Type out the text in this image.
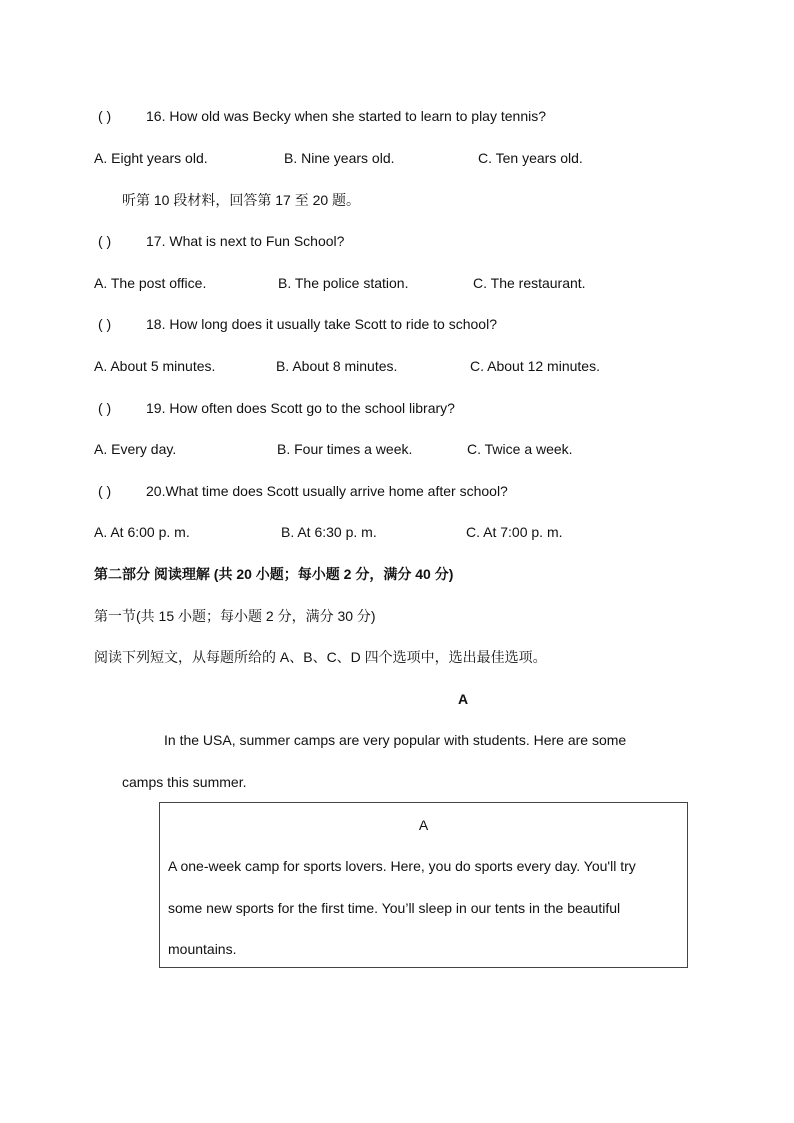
( ) 16. How old was Becky when she started to learn to play tennis?
A. Eight years old.	B. Nine years old.	C. Ten years old.
听第 10 段材料，回答第 17 至 20 题。
( ) 17. What is next to Fun School?
A. The post office.	B. The police station.	C. The restaurant.
( ) 18. How long does it usually take Scott to ride to school?
A. About 5 minutes.	B. About 8 minutes.	C. About 12 minutes.
( ) 19. How often does Scott go to the school library?
A. Every day.	B. Four times a week.	C. Twice a week.
( ) 20.What time does Scott usually arrive home after school?
A. At 6:00 p. m.	B. At 6:30 p. m.	C. At 7:00 p. m.
第二部分 阅读理解 (共 20 小题；每小题 2 分，满分 40 分)
第一节(共 15 小题；每小题 2 分，满分 30 分)
阅读下列短文，从每题所给的 A、B、C、D 四个选项中，选出最佳选项。
A
In the USA, summer camps are very popular with students. Here are some
camps this summer.
A
A one-week camp for sports lovers. Here, you do sports every day. You'll try
some new sports for the first time. You’ll sleep in our tents in the beautiful
mountains.
